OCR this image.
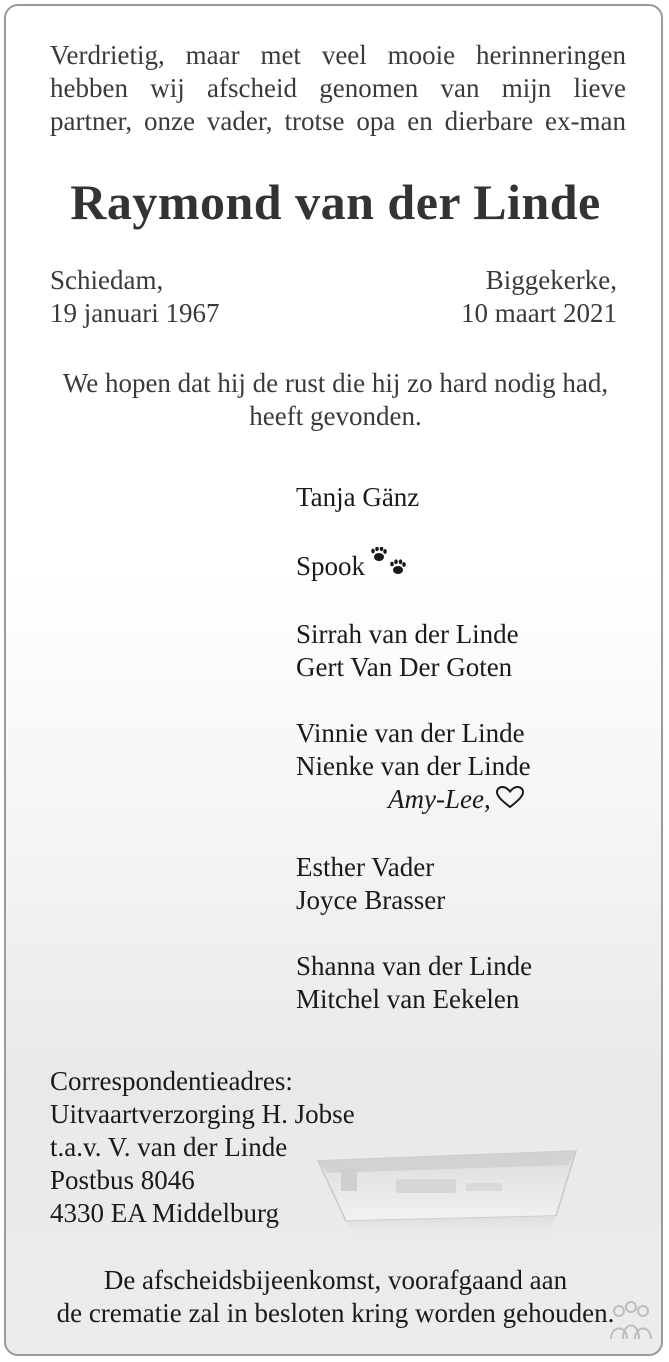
Verdrietig, maar met veel mooie herinneringen
hebben wij afscheid genomen van mijn lieve
partner, onze vader, trotse opa en dierbare ex-man
Raymond van der Linde
Schiedam,
19 januari 1967
Biggekerke,
10 maart 2021
We hopen dat hij de rust die hij zo hard nodig had,
heeft gevonden.
Tanja Gänz
Spook
Sirrah van der Linde
Gert Van Der Goten
Vinnie van der Linde
Nienke van der Linde
Amy-Lee,
Esther Vader
Joyce Brasser
Shanna van der Linde
Mitchel van Eekelen
Correspondentieadres:
Uitvaartverzorging H. Jobse
t.a.v. V. van der Linde
Postbus 8046
4330 EA Middelburg
De afscheidsbijeenkomst, voorafgaand aan
de crematie zal in besloten kring worden gehouden.
